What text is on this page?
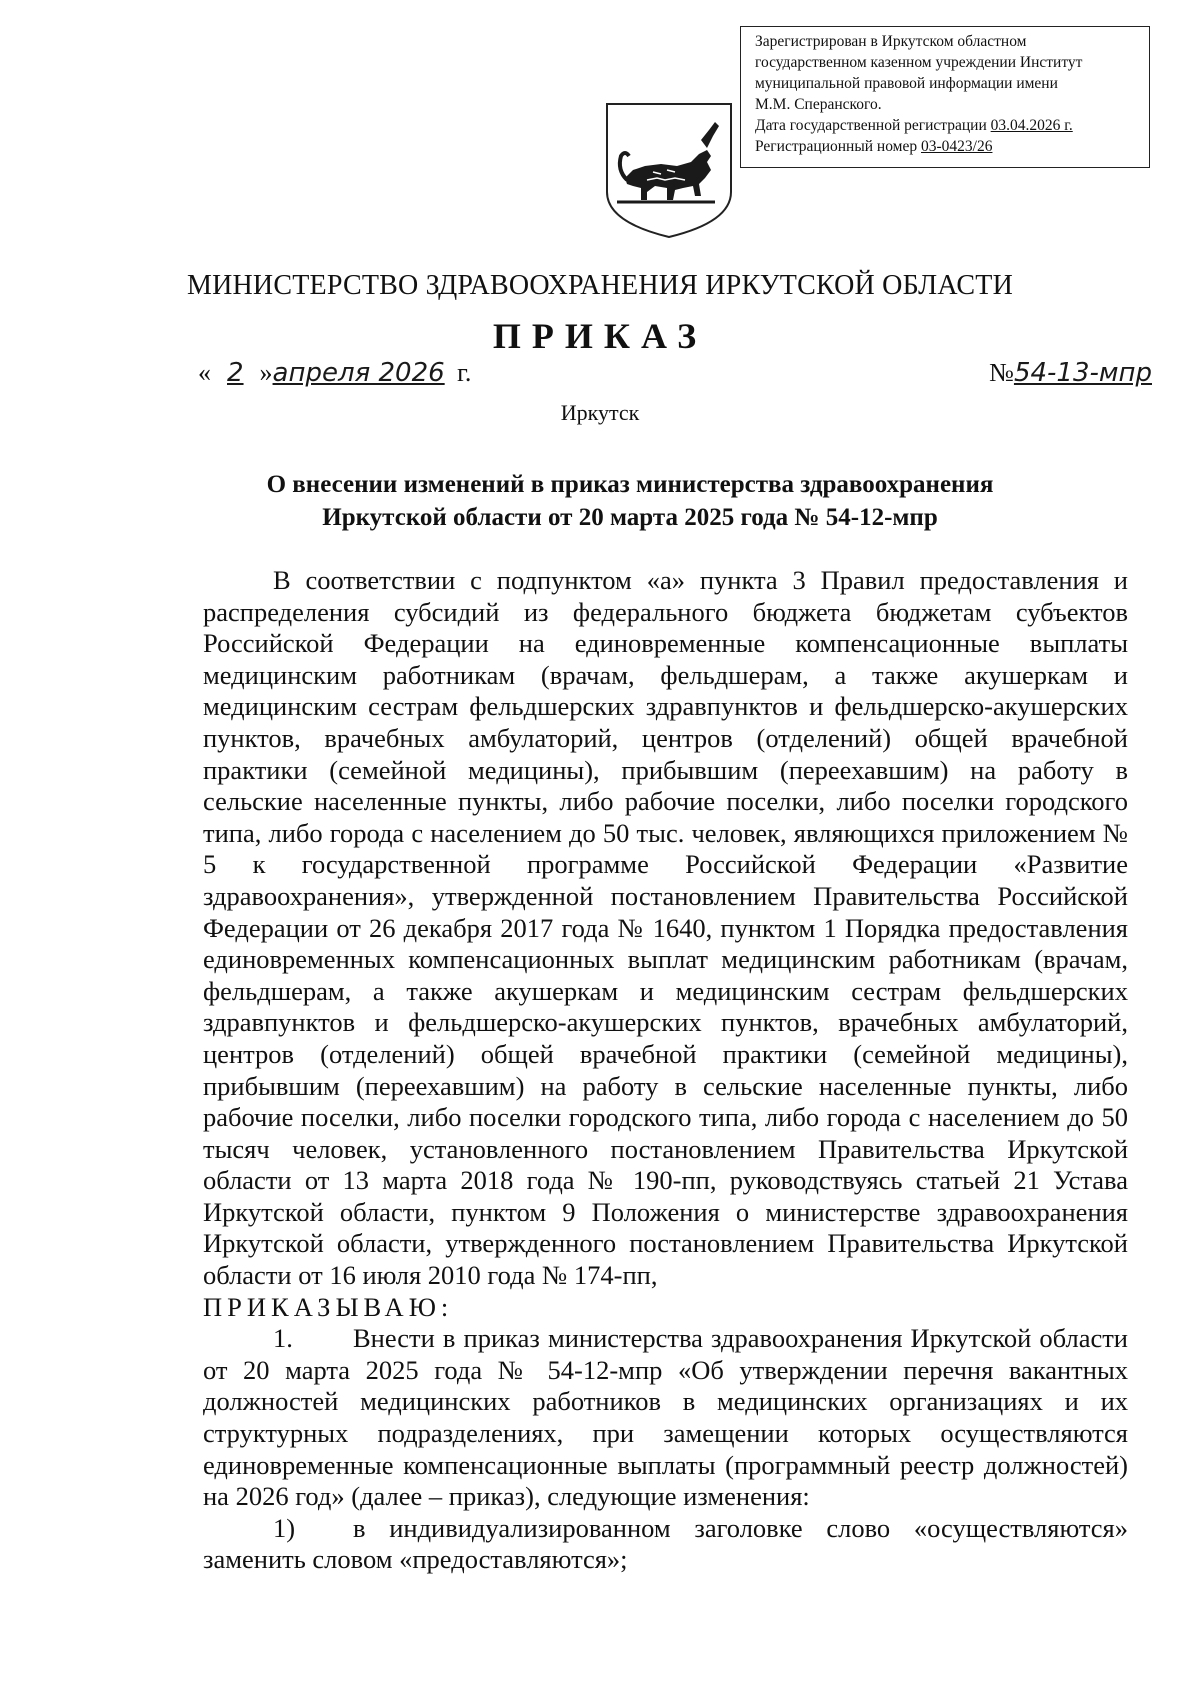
Зарегистрирован в Иркутском областном
государственном казенном учреждении Институт
муниципальной правовой информации имени
М.М. Сперанского.
Дата государственной регистрации 03.04.2026 г.
Регистрационный номер 03-0423/26
МИНИСТЕРСТВО ЗДРАВООХРАНЕНИЯ ИРКУТСКОЙ ОБЛАСТИ
ПРИКАЗ
« 2 »апреля 2026 г.	№54-13-мпр
Иркутск
О внесении изменений в приказ министерства здравоохранения
Иркутской области от 20 марта 2025 года № 54-12-мпр

В соответствии с подпунктом «а» пункта 3 Правил предоставления и распределения субсидий из федерального бюджета бюджетам субъектов Российской Федерации на единовременные компенсационные выплаты медицинским работникам (врачам, фельдшерам, а также акушеркам и медицинским сестрам фельдшерских здравпунктов и фельдшерско-акушерских пунктов, врачебных амбулаторий, центров (отделений) общей врачебной практики (семейной медицины), прибывшим (переехавшим) на работу в сельские населенные пункты, либо рабочие поселки, либо поселки городского типа, либо города с населением до 50 тыс. человек, являющихся приложением № 5 к государственной программе Российской Федерации «Развитие здравоохранения», утвержденной постановлением Правительства Российской Федерации от 26 декабря 2017 года № 1640, пунктом 1 Порядка предоставления единовременных компенсационных выплат медицинским работникам (врачам, фельдшерам, а также акушеркам и медицинским сестрам фельдшерских здравпунктов и фельдшерско-акушерских пунктов, врачебных амбулаторий, центров (отделений) общей врачебной практики (семейной медицины), прибывшим (переехавшим) на работу в сельские населенные пункты, либо рабочие поселки, либо поселки городского типа, либо города с населением до 50 тысяч человек, установленного постановлением Правительства Иркутской области от 13 марта 2018 года № 190-пп, руководствуясь статьей 21 Устава Иркутской области, пунктом 9 Положения о министерстве здравоохранения Иркутской области, утвержденного постановлением Правительства Иркутской области от 16 июля 2010 года № 174-пп,

ПРИКАЗЫВАЮ:

1. Внести в приказ министерства здравоохранения Иркутской области от 20 марта 2025 года № 54-12-мпр «Об утверждении перечня вакантных должностей медицинских работников в медицинских организациях и их структурных подразделениях, при замещении которых осуществляются единовременные компенсационные выплаты (программный реестр должностей) на 2026 год» (далее – приказ), следующие изменения:

1) в индивидуализированном заголовке слово «осуществляются» заменить словом «предоставляются»;
